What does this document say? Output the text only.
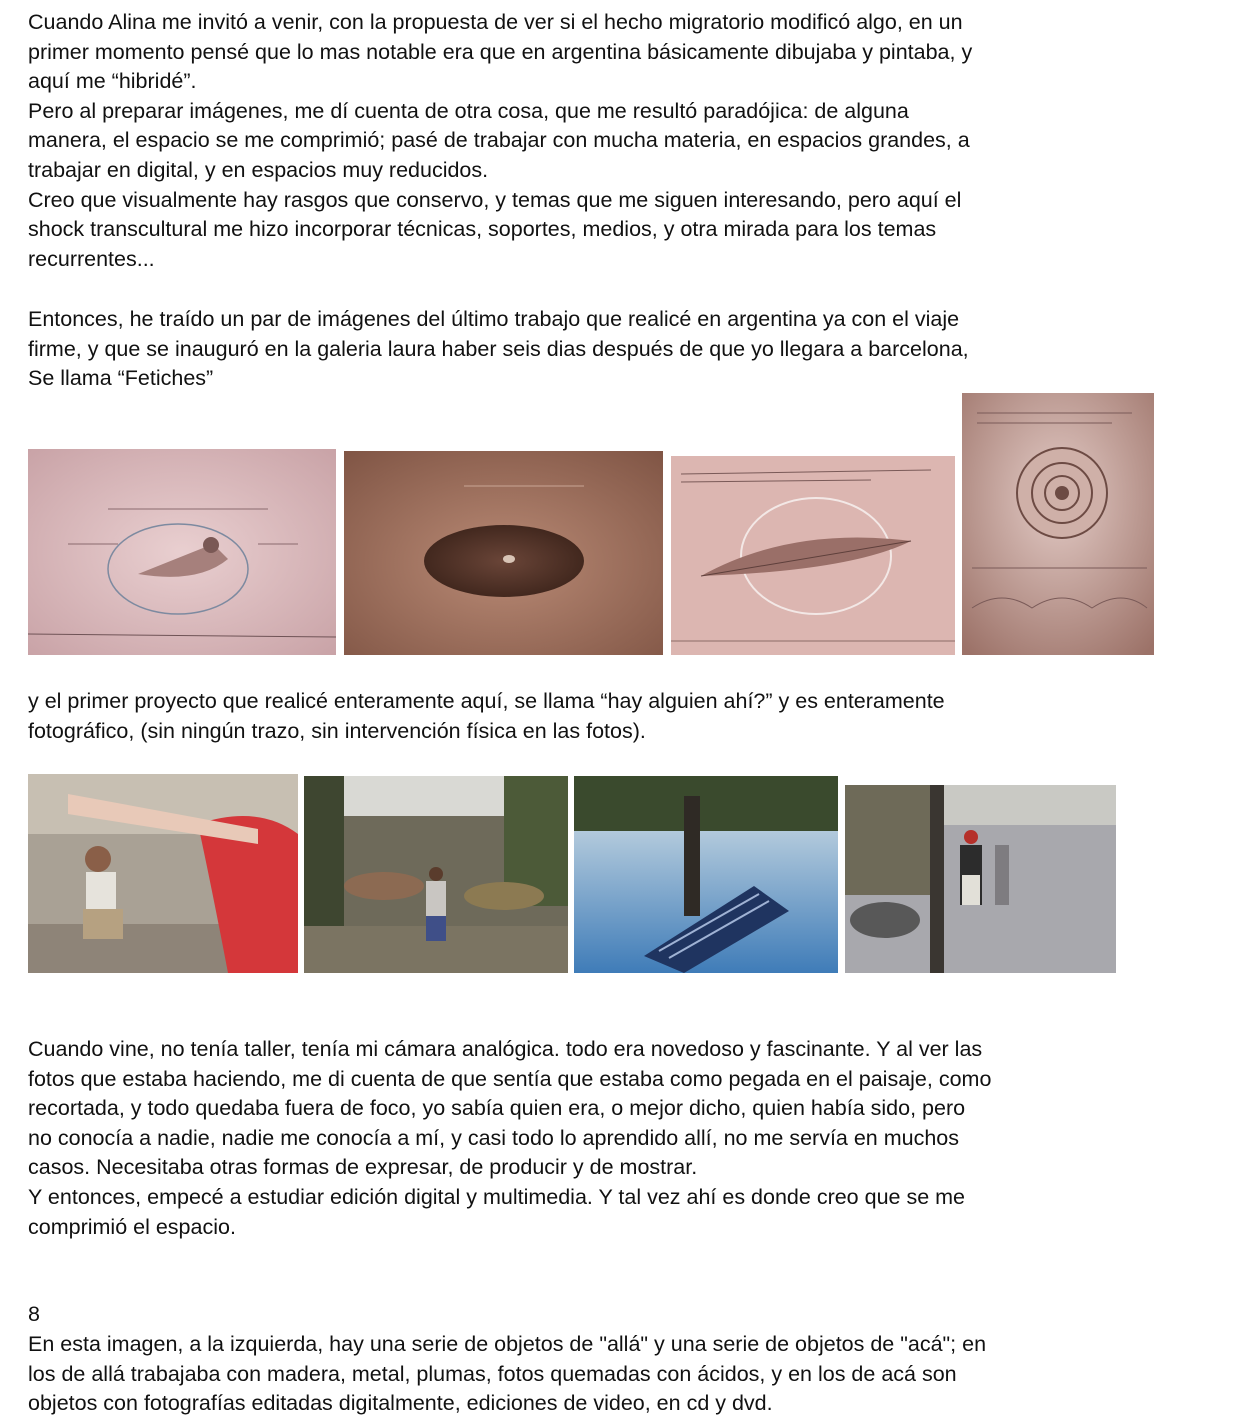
Cuando Alina me invitó a venir, con la propuesta de ver si el hecho migratorio modificó algo, en un
primer momento pensé que lo mas notable era que en argentina básicamente dibujaba y pintaba, y
aquí me “hibridé”.
Pero al preparar imágenes, me dí cuenta de otra cosa, que me resultó paradójica: de alguna
manera, el espacio se me comprimió; pasé de trabajar con mucha materia, en espacios grandes, a
trabajar en digital, y en espacios muy reducidos.
Creo que visualmente hay rasgos que conservo, y temas que me siguen interesando, pero aquí el
shock transcultural me hizo incorporar técnicas, soportes, medios, y otra mirada para los temas
recurrentes...
Entonces, he traído un par de imágenes del último trabajo que realicé en argentina ya con el viaje
firme, y que se inauguró en la galeria laura haber seis dias después de que yo llegara a barcelona,
Se llama “Fetiches”
y el primer proyecto que realicé enteramente aquí, se llama “hay alguien ahí?” y es enteramente
fotográfico, (sin ningún trazo, sin intervención física en las fotos).
Cuando vine, no tenía taller, tenía mi cámara analógica. todo era novedoso y fascinante. Y al ver las
fotos que estaba haciendo, me di cuenta de que sentía que estaba como pegada en el paisaje, como
recortada, y todo quedaba fuera de foco, yo sabía quien era, o mejor dicho, quien había sido, pero
no conocía a nadie, nadie me conocía a mí, y casi todo lo aprendido allí, no me servía en muchos
casos. Necesitaba otras formas de expresar, de producir y de mostrar.
Y entonces, empecé a estudiar edición digital y multimedia. Y tal vez ahí es donde creo que se me
comprimió el espacio.
8
En esta imagen, a la izquierda, hay una serie de objetos de "allá" y una serie de objetos de "acá"; en
los de allá trabajaba con madera, metal, plumas, fotos quemadas con ácidos, y en los de acá son
objetos con fotografías editadas digitalmente, ediciones de video, en cd y dvd.
